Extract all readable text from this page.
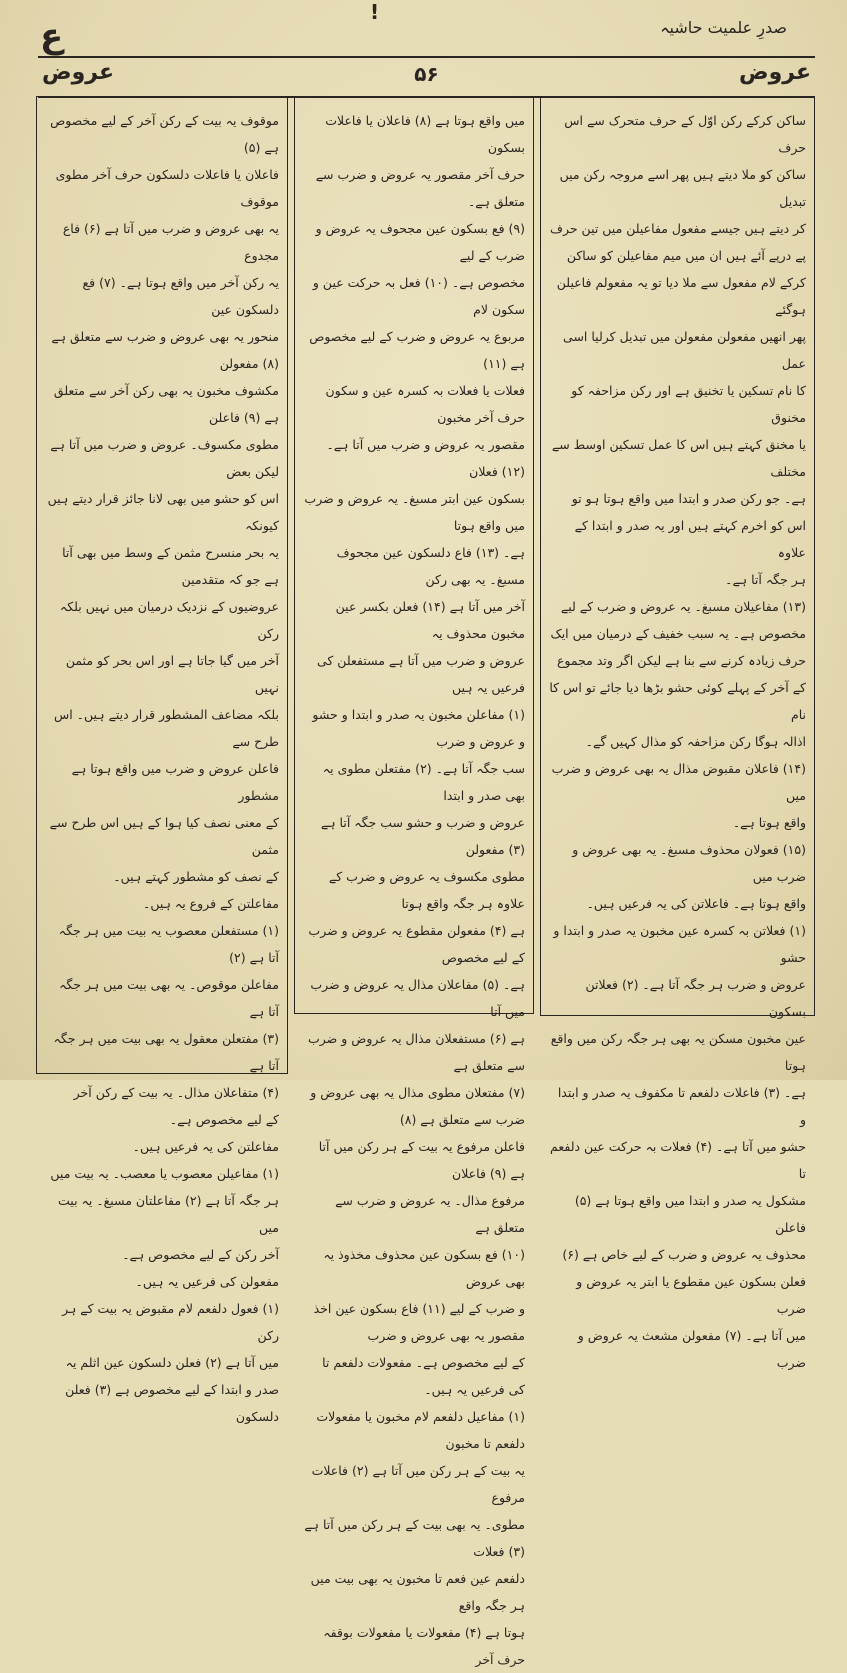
ع
!
صدرِ علمیت حاشیہ
عروض
۵۶
عروض

ساکن کرکے رکن اوّل کے حرف متحرک سے اس حرف

ساکن کو ملا دیتے ہیں پھر اسے مروجہ رکن میں تبدیل

کر دیتے ہیں جیسے مفعول مفاعیلن میں تین حرف

پے درپے آئے ہیں ان میں میم مفاعیلن کو ساکن

کرکے لام مفعول سے ملا دیا تو یہ مفعولم فاعیلن ہوگئے

پھر انھیں مفعولن مفعولن میں تبدیل کرلیا اسی عمل

کا نام تسکین یا تخنیق ہے اور رکن مزاحفہ کو مخنوق

یا مخنق کہتے ہیں اس کا عمل تسکین اوسط سے مختلف

ہے۔ جو رکن صدر و ابتدا میں واقع ہوتا ہو تو

اس کو اخرم کہتے ہیں اور یہ صدر و ابتدا کے علاوہ

ہر جگہ آتا ہے۔

(۱۳) مفاعیلان مسبغ۔ یہ عروض و ضرب کے لیے

مخصوص ہے۔ یہ سبب خفیف کے درمیان میں ایک

حرف زیادہ کرنے سے بنا ہے لیکن اگر وتد مجموع

کے آخر کے پہلے کوئی حشو بڑھا دیا جائے تو اس کا نام

اذالہ ہوگا رکن مزاحفہ کو مذال کہیں گے۔

(۱۴) فاعلان مقبوض مذال یہ بھی عروض و ضرب میں

واقع ہوتا ہے۔

(۱۵) فعولان محذوف مسبغ۔ یہ بھی عروض و ضرب میں

واقع ہوتا ہے۔ فاعلاتن کی یہ فرعیں ہیں۔

(۱) فعلاتن بہ کسرہ عین مخبون یہ صدر و ابتدا و حشو

عروض و ضرب ہر جگہ آتا ہے۔ (۲) فعلاتن بسکون

عین مخبون مسکن یہ بھی ہر جگہ رکن میں واقع ہوتا

ہے۔ (۳) فاعلات دلفعم تا مکفوف یہ صدر و ابتدا و

حشو میں آتا ہے۔ (۴) فعلات بہ حرکت عین دلفعم تا

مشکول یہ صدر و ابتدا میں واقع ہوتا ہے (۵) فاعلن

محذوف یہ عروض و ضرب کے لیے خاص ہے (۶)

فعلن بسکون عین مقطوع یا ابتر یہ عروض و ضرب

میں آتا ہے۔ (۷) مفعولن مشعث یہ عروض و ضرب

میں واقع ہوتا ہے (۸) فاعلان یا فاعلات بسکون

حرف آخر مقصور یہ عروض و ضرب سے متعلق ہے۔

(۹) فع بسکون عین مجحوف یہ عروض و ضرب کے لیے

مخصوص ہے۔ (۱۰) فعل بہ حرکت عین و سکون لام

مربوع یہ عروض و ضرب کے لیے مخصوص ہے (۱۱)

فعلات یا فعلات بہ کسرہ عین و سکون حرف آخر مخبون

مقصور یہ عروض و ضرب میں آتا ہے۔ (۱۲) فعلان

بسکون عین ابتر مسبغ۔ یہ عروض و ضرب میں واقع ہوتا

ہے۔ (۱۳) فاع دلسکون عین مجحوف مسبغ۔ یہ بھی رکن

آخر میں آتا ہے (۱۴) فعلن بکسر عین مخبون محذوف یہ

عروض و ضرب میں آتا ہے مستفعلن کی فرعیں یہ ہیں

(۱) مفاعلن مخبون یہ صدر و ابتدا و حشو و عروض و ضرب

سب جگہ آتا ہے۔ (۲) مفتعلن مطوی یہ بھی صدر و ابتدا

عروض و ضرب و حشو سب جگہ آتا ہے (۳) مفعولن

مطوی مکسوف یہ عروض و ضرب کے علاوہ ہر جگہ واقع ہوتا

ہے (۴) مفعولن مقطوع یہ عروض و ضرب کے لیے مخصوص

ہے۔ (۵) مفاعلان مذال یہ عروض و ضرب میں آتا

ہے (۶) مستفعلان مذال یہ عروض و ضرب سے متعلق ہے

(۷) مفتعلان مطوی مذال یہ بھی عروض و ضرب سے متعلق ہے (۸)

فاعلن مرفوع یہ بیت کے ہر رکن میں آتا ہے (۹) فاعلان

مرفوع مذال۔ یہ عروض و ضرب سے متعلق ہے

(۱۰) فع بسکون عین محذوف مخذوذ یہ بھی عروض

و ضرب کے لیے (۱۱) فاع بسکون عین اخذ مقصور یہ بھی عروض و ضرب

کے لیے مخصوص ہے۔ مفعولات دلفعم تا کی فرعیں یہ ہیں۔

(۱) مفاعیل دلفعم لام مخبون یا مفعولات دلفعم تا مخبون

یہ بیت کے ہر رکن میں آتا ہے (۲) فاعلات مرفوع

مطوی۔ یہ بھی بیت کے ہر رکن میں آتا ہے (۳) فعلات

دلفعم عین فعم تا مخبون یہ بھی بیت میں ہر جگہ واقع

ہوتا ہے (۴) مفعولات یا مفعولات بوقفہ حرف آخر

موقوف یہ بیت کے رکن آخر کے لیے مخصوص ہے (۵)

فاعلان یا فاعلات دلسکون حرف آخر مطوی موقوف

یہ بھی عروض و ضرب میں آتا ہے (۶) فاع مجدوع

یہ رکن آخر میں واقع ہوتا ہے۔ (۷) فع دلسکون عین

منحور یہ بھی عروض و ضرب سے متعلق ہے (۸) مفعولن

مکشوف مخبون یہ بھی رکن آخر سے متعلق ہے (۹) فاعلن

مطوی مکسوف۔ عروض و ضرب میں آتا ہے لیکن بعض

اس کو حشو میں بھی لانا جائز قرار دیتے ہیں کیونکہ

یہ بحر منسرح مثمن کے وسط میں بھی آتا ہے جو کہ متقدمین

عروضیوں کے نزدیک درمیان میں نہیں بلکہ رکن

آخر میں گیا جاتا ہے اور اس بحر کو مثمن نہیں

بلکہ مضاعف المشطور قرار دیتے ہیں۔ اس طرح سے

فاعلن عروض و ضرب میں واقع ہوتا ہے مشطور

کے معنی نصف کیا ہوا کے ہیں اس طرح سے مثمن

کے نصف کو مشطور کہتے ہیں۔

مفاعلتن کے فروع یہ ہیں۔

(۱) مستفعلن معصوب یہ بیت میں ہر جگہ آتا ہے (۲)

مفاعلن موقوص۔ یہ بھی بیت میں ہر جگہ آتا ہے

(۳) مفتعلن معقول یہ بھی بیت میں ہر جگہ آتا ہے

(۴) متفاعلان مذال۔ یہ بیت کے رکن آخر

کے لیے مخصوص ہے۔

مفاعلتن کی یہ فرعیں ہیں۔

(۱) مفاعیلن معصوب یا معصب۔ یہ بیت میں

ہر جگہ آتا ہے (۲) مفاعلتان مسبغ۔ یہ بیت میں

آخر رکن کے لیے مخصوص ہے۔

مفعولن کی فرعیں یہ ہیں۔

(۱) فعول دلفعم لام مقبوض یہ بیت کے ہر رکن

میں آتا ہے (۲) فعلن دلسکون عین اثلم یہ

صدر و ابتدا کے لیے مخصوص ہے (۳) فعلن دلسکون
